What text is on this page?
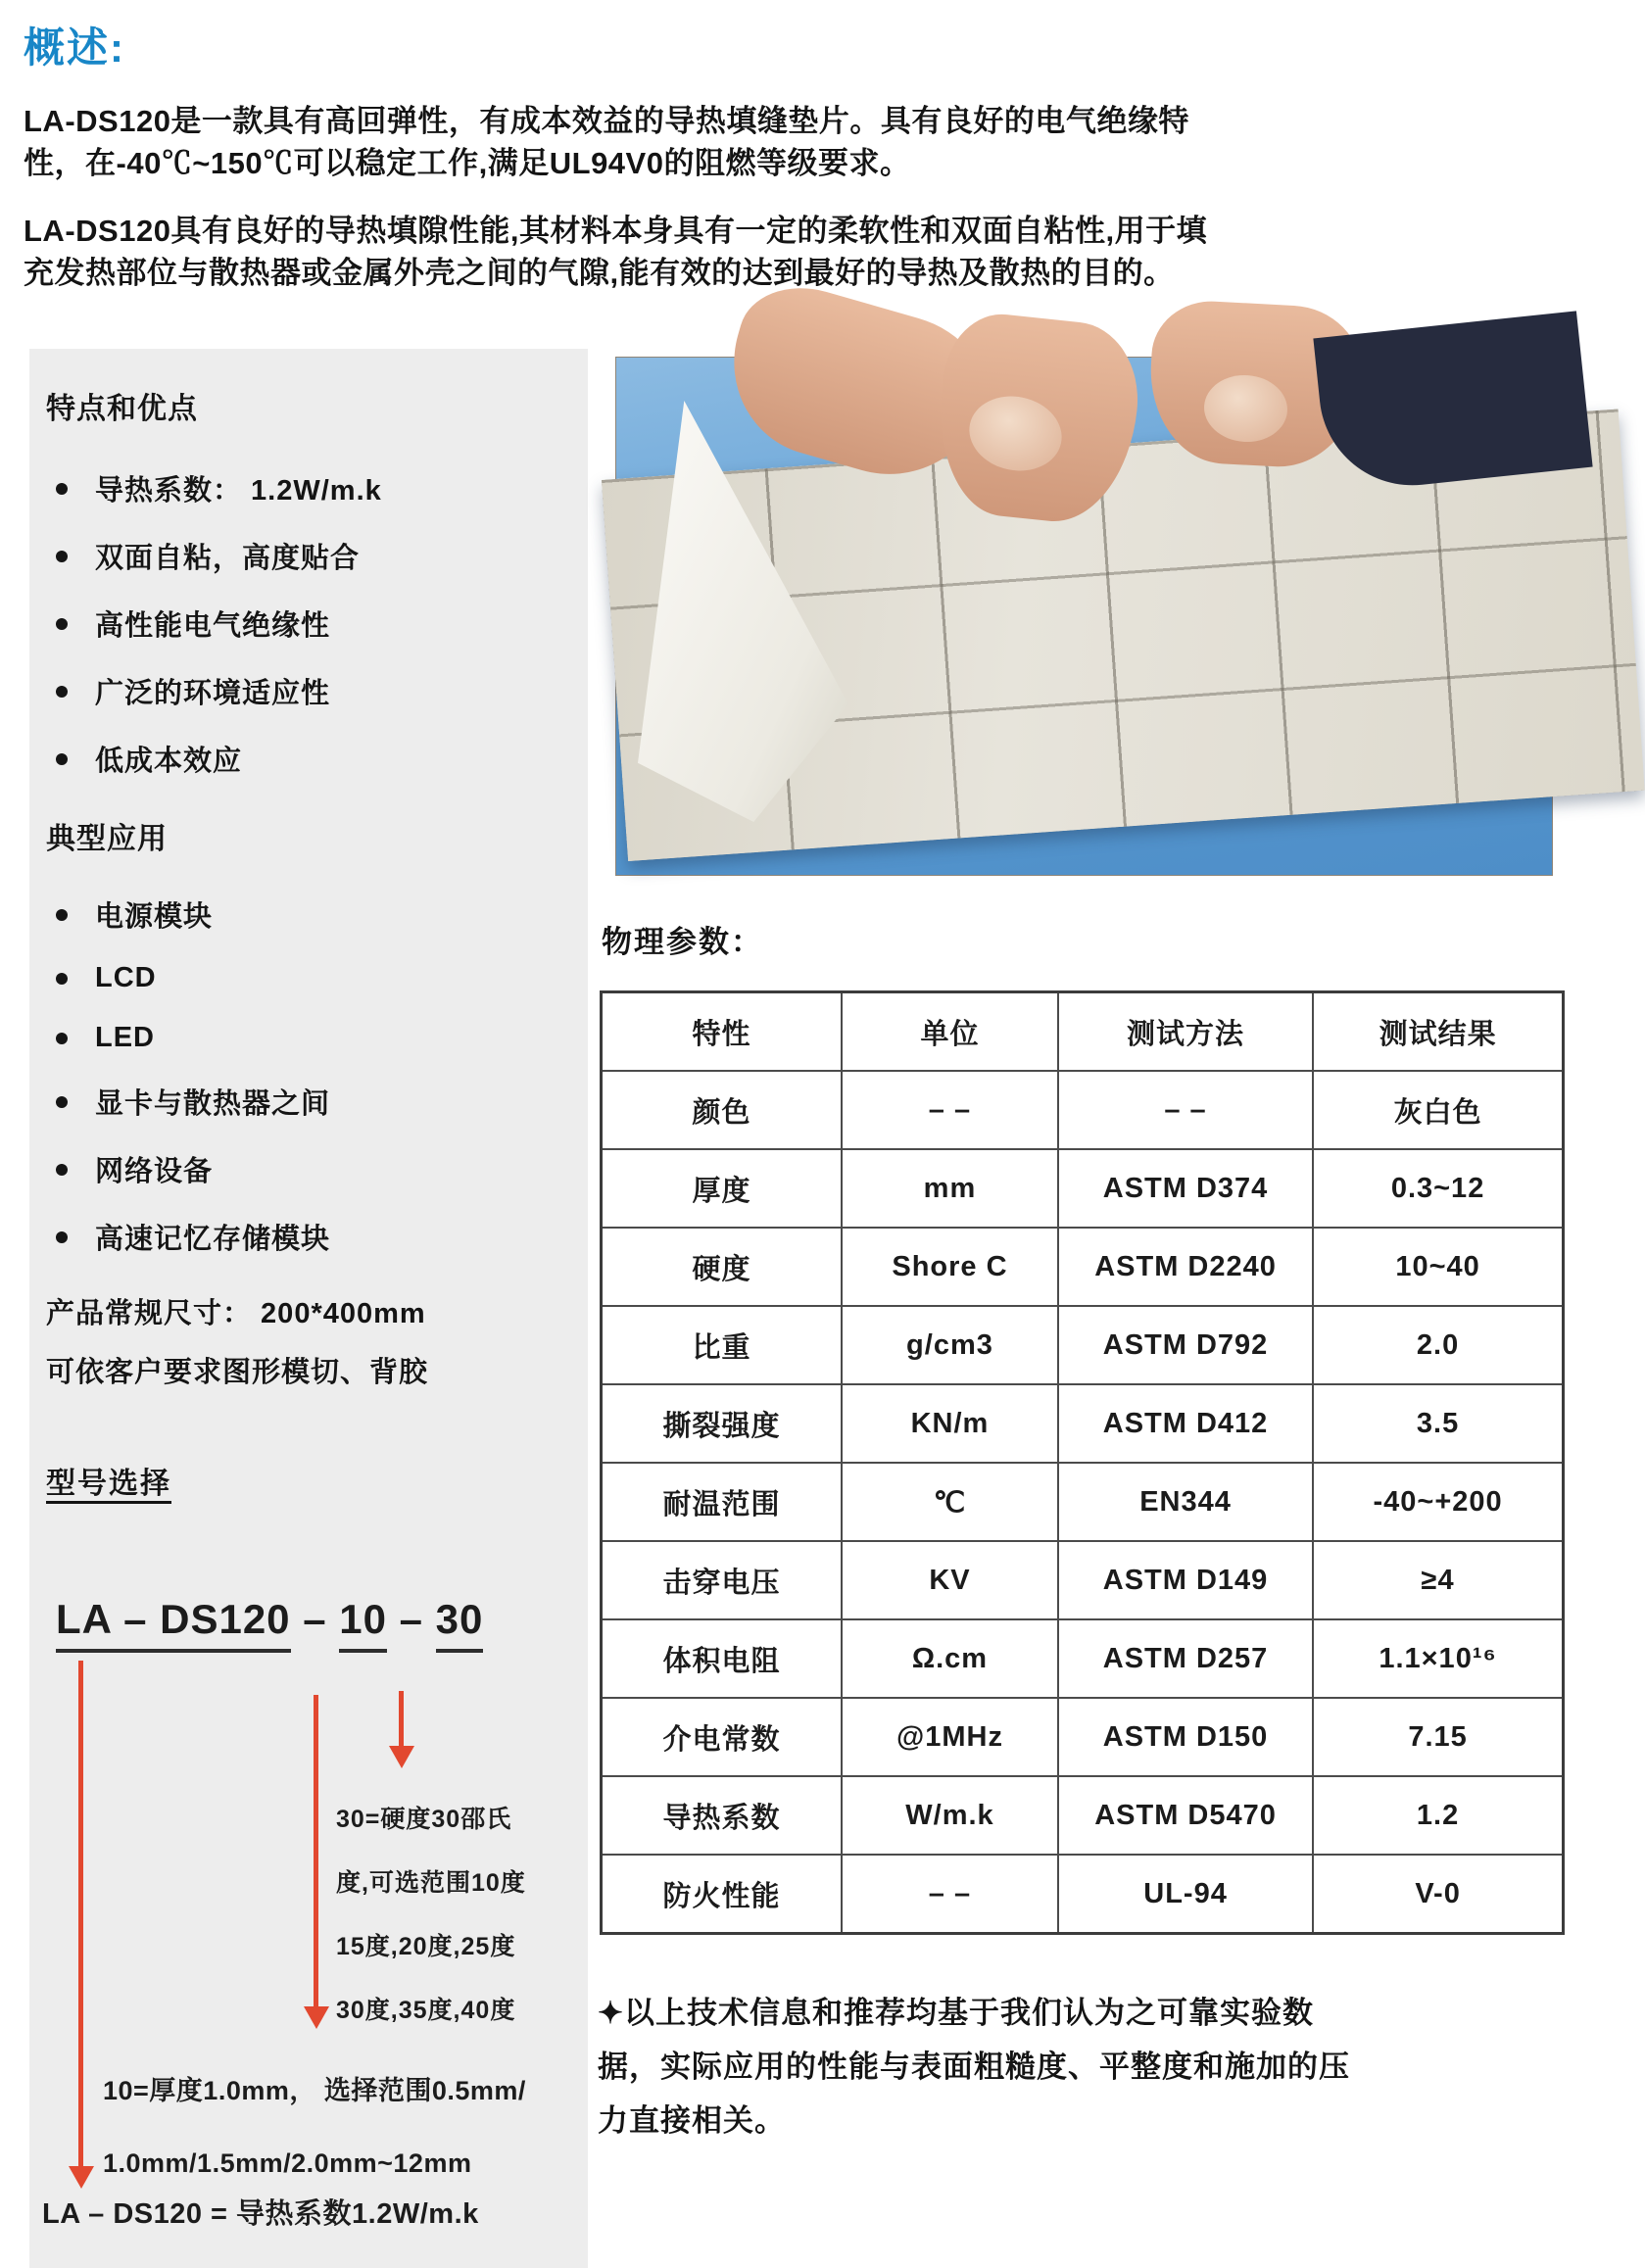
概述:
LA-DS120是一款具有高回弹性，有成本效益的导热填缝垫片。具有良好的电气绝缘特
性，在-40℃~150℃可以稳定工作,满足UL94V0的阻燃等级要求。
LA-DS120具有良好的导热填隙性能,其材料本身具有一定的柔软性和双面自粘性,用于填
充发热部位与散热器或金属外壳之间的气隙,能有效的达到最好的导热及散热的目的。
特点和优点
导热系数： 1.2W/m.k
双面自粘，高度贴合
高性能电气绝缘性
广泛的环境适应性
低成本效应
典型应用
电源模块
LCD
LED
显卡与散热器之间
网络设备
高速记忆存储模块
产品常规尺寸： 200*400mm
可依客户要求图形模切、背胶
型号选择
LA – DS120 – 10 – 30
30=硬度30邵氏
度,可选范围10度
15度,20度,25度
30度,35度,40度
10=厚度1.0mm， 选择范围0.5mm/
1.0mm/1.5mm/2.0mm~12mm
LA – DS120 = 导热系数1.2W/m.k
物理参数：
特性	单位	测试方法	测试结果
颜色	– –	– –	灰白色
厚度	mm	ASTM D374	0.3~12
硬度	Shore C	ASTM D2240	10~40
比重	g/cm3	ASTM D792	2.0
撕裂强度	KN/m	ASTM D412	3.5
耐温范围	℃	EN344	-40~+200
击穿电压	KV	ASTM D149	≥4
体积电阻	Ω.cm	ASTM D257	1.1×10¹⁶
介电常数	@1MHz	ASTM D150	7.15
导热系数	W/m.k	ASTM D5470	1.2
防火性能	– –	UL-94	V-0
✦以上技术信息和推荐均基于我们认为之可靠实验数
据，实际应用的性能与表面粗糙度、平整度和施加的压
力直接相关。
